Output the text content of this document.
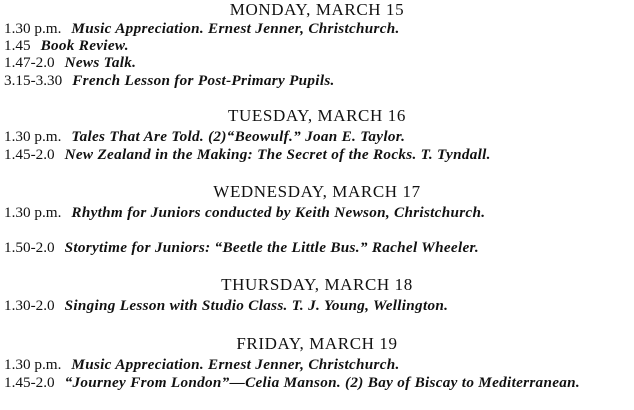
MONDAY, MARCH 15
1.30 p.m. Music Appreciation. Ernest Jenner, Christchurch.
1.45 Book Review.
1.47-2.0 News Talk.
3.15-3.30 French Lesson for Post-Primary Pupils.
TUESDAY, MARCH 16
1.30 p.m. Tales That Are Told. (2)“Beowulf.” Joan E. Taylor.
1.45-2.0 New Zealand in the Making: The Secret of the Rocks. T. Tyndall.
WEDNESDAY, MARCH 17
1.30 p.m. Rhythm for Juniors conducted by Keith Newson, Christchurch.
1.50-2.0 Storytime for Juniors: “Beetle the Little Bus.” Rachel Wheeler.
THURSDAY, MARCH 18
1.30-2.0 Singing Lesson with Studio Class. T. J. Young, Wellington.
FRIDAY, MARCH 19
1.30 p.m. Music Appreciation. Ernest Jenner, Christchurch.
1.45-2.0 “Journey From London”—Celia Manson. (2) Bay of Biscay to Mediterranean.
